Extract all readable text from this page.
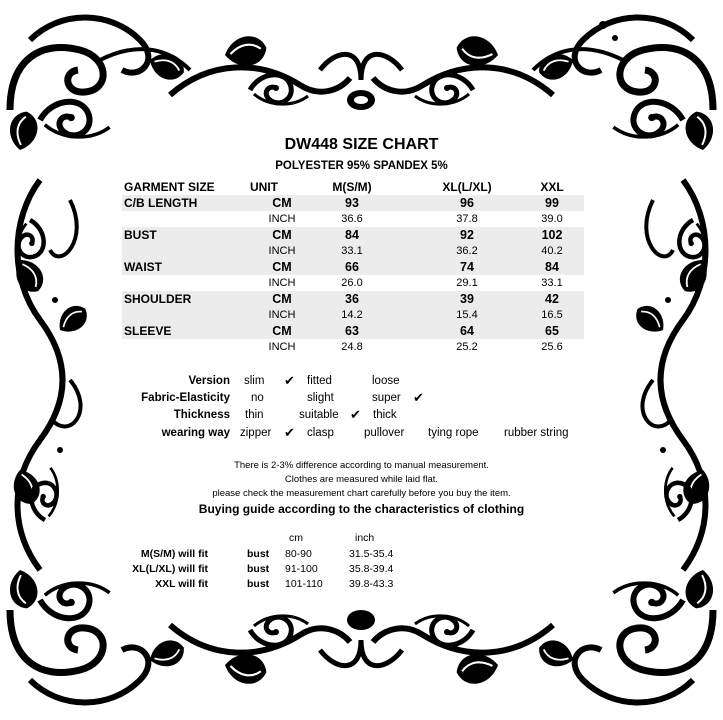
DW448 SIZE CHART
POLYESTER 95% SPANDEX 5%
GARMENT SIZE	UNIT	M(S/M)	XL(L/XL)	XXL
C/B LENGTH	CM	93	96	99
INCH	36.6	37.8	39.0
BUST	CM	84	92	102
INCH	33.1	36.2	40.2
WAIST	CM	66	74	84
INCH	26.0	29.1	33.1
SHOULDER	CM	36	39	42
INCH	14.2	15.4	16.5
SLEEVE	CM	63	64	65
INCH	24.8	25.2	25.6
Version slim ✔ fitted	loose
Fabric-Elasticity no	slight	super ✔
Thickness thin	suitable ✔ thick
wearing way zipper ✔ clasp	pullover tying rope rubber string
There is 2-3% difference according to manual measurement.
Clothes are measured while laid flat.
please check the measurement chart carefully before you buy the item.
Buying guide according to the characteristics of clothing
cm	inch
M(S/M) will fit	bust 80-90	31.5-35.4
XL(L/XL) will fit	bust 91-100	35.8-39.4
XXL will fit	bust 101-110 39.8-43.3
